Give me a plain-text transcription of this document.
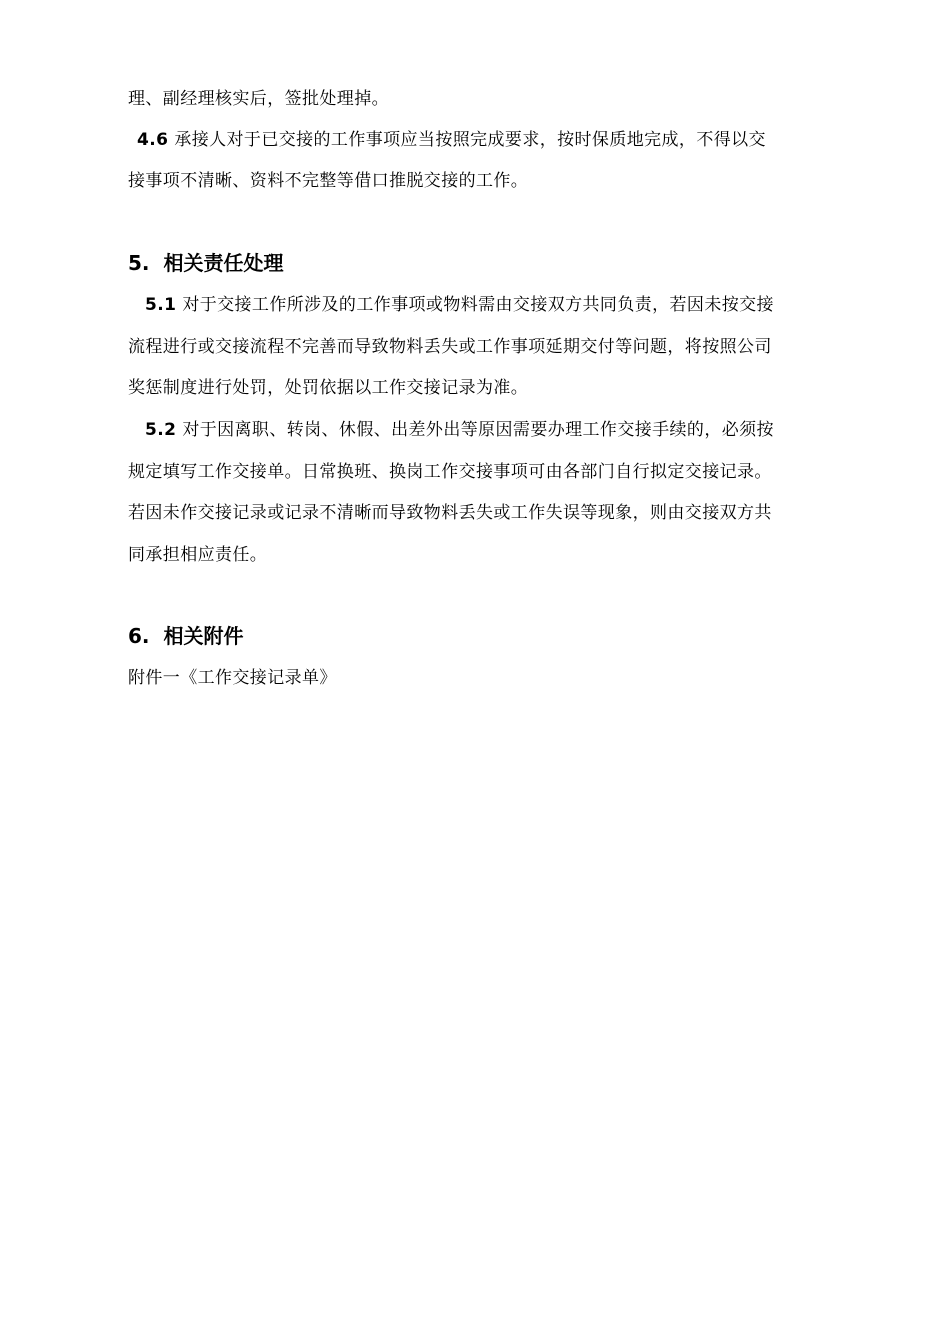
理、副经理核实后，签批处理掉。
4.6 承接人对于已交接的工作事项应当按照完成要求，按时保质地完成，不得以交
接事项不清晰、资料不完整等借口推脱交接的工作。
5. 相关责任处理
5.1 对于交接工作所涉及的工作事项或物料需由交接双方共同负责，若因未按交接
流程进行或交接流程不完善而导致物料丢失或工作事项延期交付等问题，将按照公司
奖惩制度进行处罚，处罚依据以工作交接记录为准。
5.2 对于因离职、转岗、休假、出差外出等原因需要办理工作交接手续的，必须按
规定填写工作交接单。日常换班、换岗工作交接事项可由各部门自行拟定交接记录。
若因未作交接记录或记录不清晰而导致物料丢失或工作失误等现象，则由交接双方共
同承担相应责任。
6. 相关附件
附件一《工作交接记录单》
